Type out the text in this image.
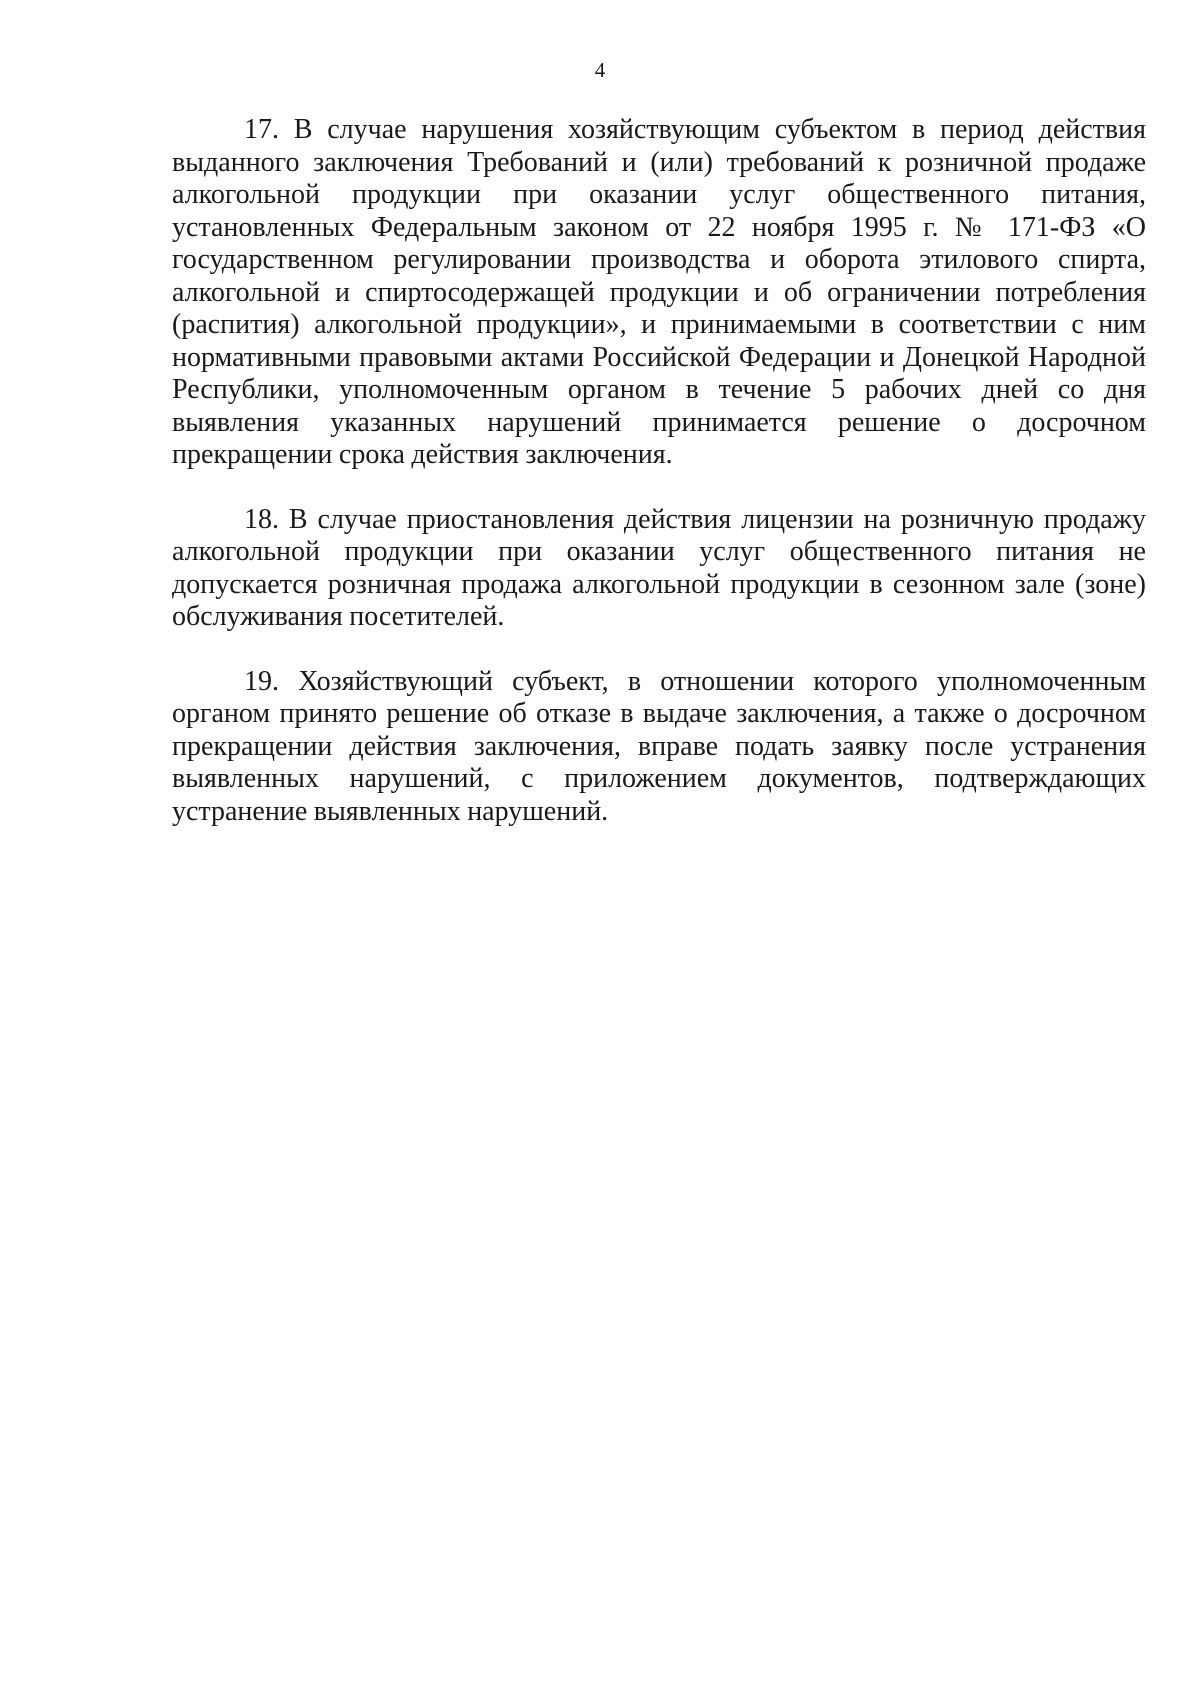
4

17. В случае нарушения хозяйствующим субъектом в период действия выданного заключения Требований и (или) требований к розничной продаже алкогольной продукции при оказании услуг общественного питания, установленных Федеральным законом от 22 ноября 1995 г. № 171-ФЗ «О государственном регулировании производства и оборота этилового спирта, алкогольной и спиртосодержащей продукции и об ограничении потребления (распития) алкогольной продукции», и принимаемыми в соответствии с ним нормативными правовыми актами Российской Федерации и Донецкой Народной Республики, уполномоченным органом в течение 5 рабочих дней со дня выявления указанных нарушений принимается решение о досрочном прекращении срока действия заключения.

18. В случае приостановления действия лицензии на розничную продажу алкогольной продукции при оказании услуг общественного питания не допускается розничная продажа алкогольной продукции в сезонном зале (зоне) обслуживания посетителей.

19. Хозяйствующий субъект, в отношении которого уполномоченным органом принято решение об отказе в выдаче заключения, а также о досрочном прекращении действия заключения, вправе подать заявку после устранения выявленных нарушений, с приложением документов, подтверждающих устранение выявленных нарушений.
